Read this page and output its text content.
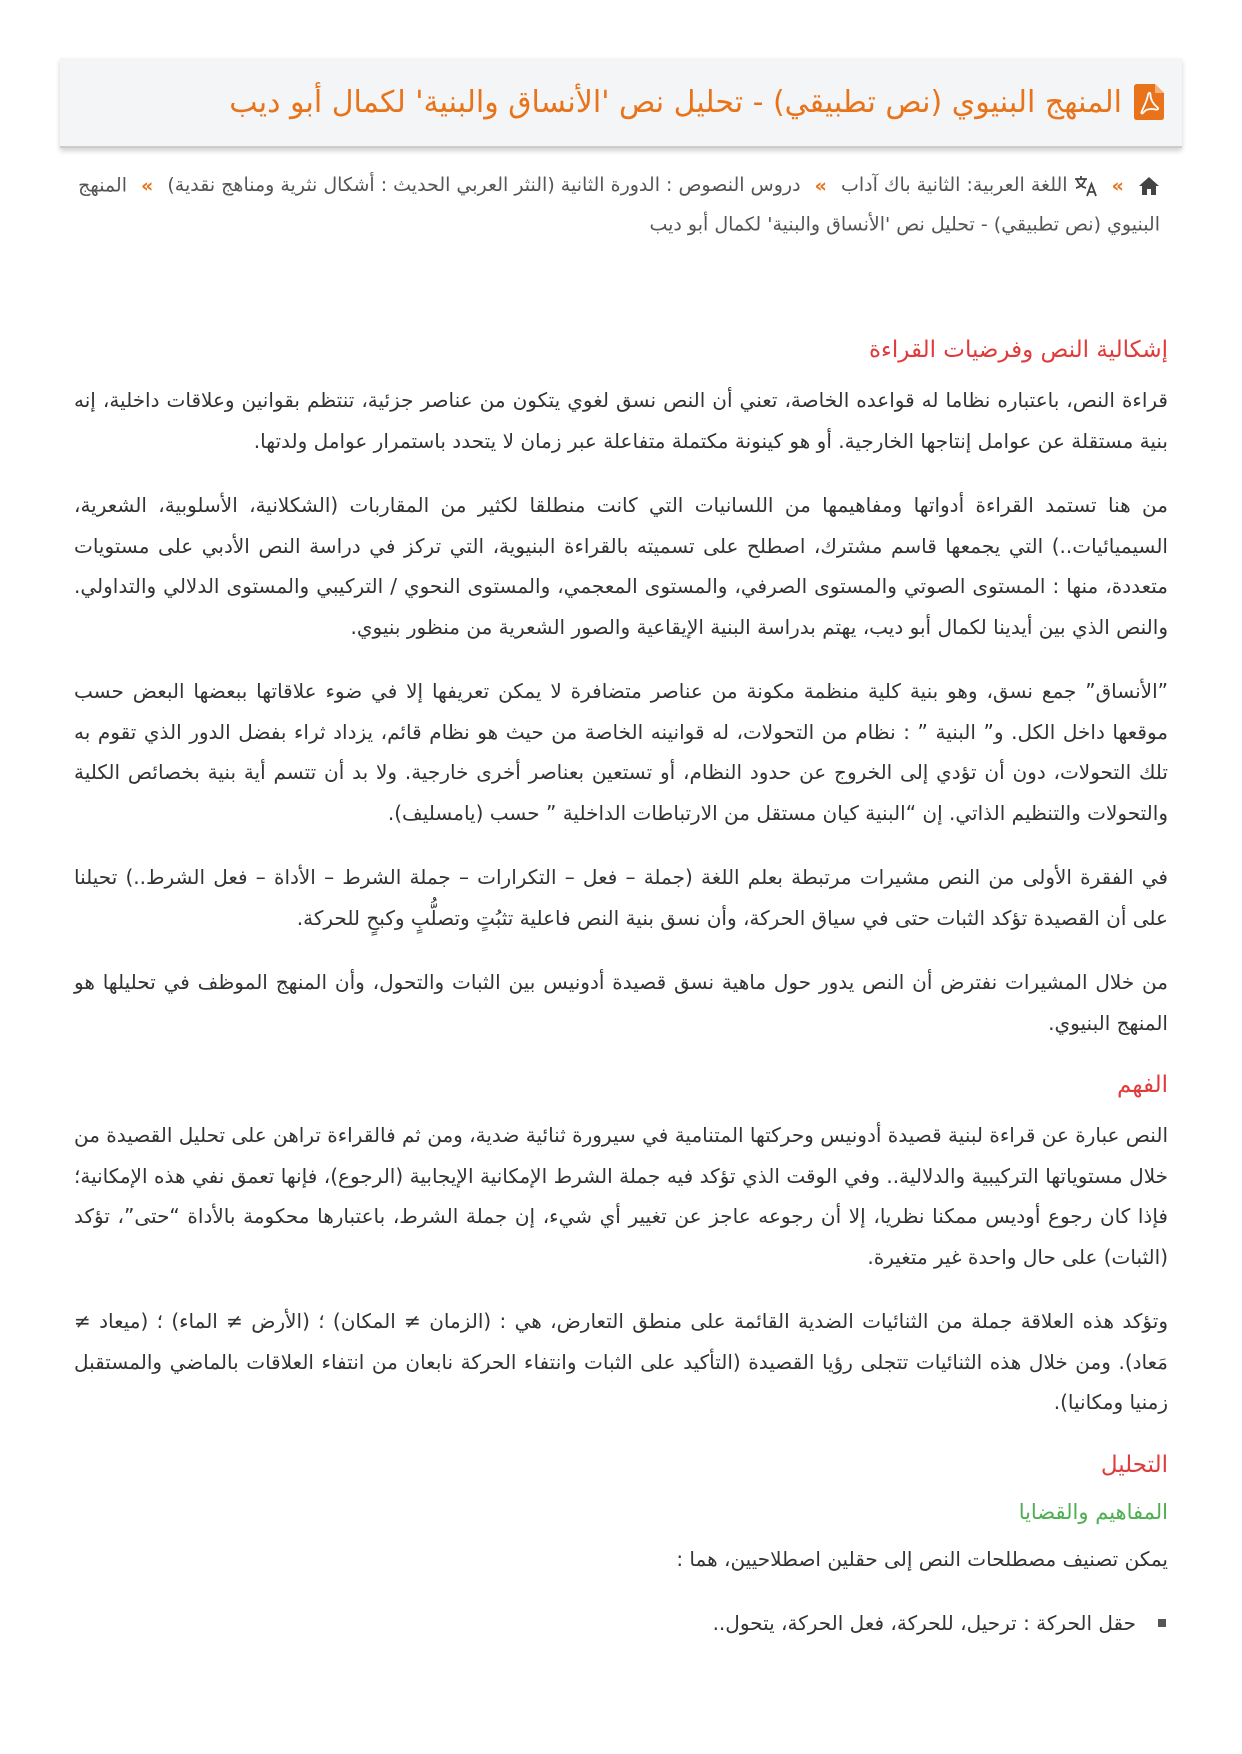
المنهج البنيوي (نص تطبيقي) - تحليل نص 'الأنساق والبنية' لكمال أبو ديب
»  اللغة العربية: الثانية باك آداب » دروس النصوص : الدورة الثانية (النثر العربي الحديث : أشكال نثرية ومناهج نقدية) » المنهج البنيوي (نص تطبيقي) - تحليل نص 'الأنساق والبنية' لكمال أبو ديب
إشكالية النص وفرضيات القراءة

قراءة النص، باعتباره نظاما له قواعده الخاصة، تعني أن النص نسق لغوي يتكون من عناصر جزئية، تنتظم بقوانين وعلاقات داخلية، إنه بنية مستقلة عن عوامل إنتاجها الخارجية. أو هو كينونة مكتملة متفاعلة عبر زمان لا يتحدد باستمرار عوامل ولدتها.

من هنا تستمد القراءة أدواتها ومفاهيمها من اللسانيات التي كانت منطلقا لكثير من المقاربات (الشكلانية، الأسلوبية، الشعرية، السيميائيات..) التي يجمعها قاسم مشترك، اصطلح على تسميته بالقراءة البنيوية، التي تركز في دراسة النص الأدبي على مستويات متعددة، منها : المستوى الصوتي والمستوى الصرفي، والمستوى المعجمي، والمستوى النحوي / التركيبي والمستوى الدلالي والتداولي. والنص الذي بين أيدينا لكمال أبو ديب، يهتم بدراسة البنية الإيقاعية والصور الشعرية من منظور بنيوي.

”الأنساق” جمع نسق، وهو بنية كلية منظمة مكونة من عناصر متضافرة لا يمكن تعريفها إلا في ضوء علاقاتها ببعضها البعض حسب موقعها داخل الكل. و” البنية ” : نظام من التحولات، له قوانينه الخاصة من حيث هو نظام قائم، يزداد ثراء بفضل الدور الذي تقوم به تلك التحولات، دون أن تؤدي إلى الخروج عن حدود النظام، أو تستعين بعناصر أخرى خارجية. ولا بد أن تتسم أية بنية بخصائص الكلية والتحولات والتنظيم الذاتي. إن “البنية كيان مستقل من الارتباطات الداخلية ” حسب (يامسليف).

في الفقرة الأولى من النص مشيرات مرتبطة بعلم اللغة (جملة – فعل – التكرارات – جملة الشرط – الأداة – فعل الشرط..) تحيلنا على أن القصيدة تؤكد الثبات حتى في سياق الحركة، وأن نسق بنية النص فاعلية تثبُتٍ وتصلُّبٍ وكبحٍ للحركة.

من خلال المشيرات نفترض أن النص يدور حول ماهية نسق قصيدة أدونيس بين الثبات والتحول، وأن المنهج الموظف في تحليلها هو المنهج البنيوي.

الفهم

النص عبارة عن قراءة لبنية قصيدة أدونيس وحركتها المتنامية في سيرورة ثنائية ضدية، ومن ثم فالقراءة تراهن على تحليل القصيدة من خلال مستوياتها التركيبية والدلالية.. وفي الوقت الذي تؤكد فيه جملة الشرط الإمكانية الإيجابية (الرجوع)، فإنها تعمق نفي هذه الإمكانية؛ فإذا كان رجوع أوديس ممكنا نظريا، إلا أن رجوعه عاجز عن تغيير أي شيء، إن جملة الشرط، باعتبارها محكومة بالأداة “حتى”، تؤكد (الثبات) على حال واحدة غير متغيرة.

وتؤكد هذه العلاقة جملة من الثنائيات الضدية القائمة على منطق التعارض، هي : (الزمان ≠ المكان) ؛ (الأرض ≠ الماء) ؛ (ميعاد ≠ مَعاد). ومن خلال هذه الثنائيات تتجلى رؤيا القصيدة (التأكيد على الثبات وانتفاء الحركة نابعان من انتفاء العلاقات بالماضي والمستقبل زمنيا ومكانيا).

التحليل
المفاهيم والقضايا

يمكن تصنيف مصطلحات النص إلى حقلين اصطلاحيين، هما :

حقل الحركة : ترحيل، للحركة، فعل الحركة، يتحول..
